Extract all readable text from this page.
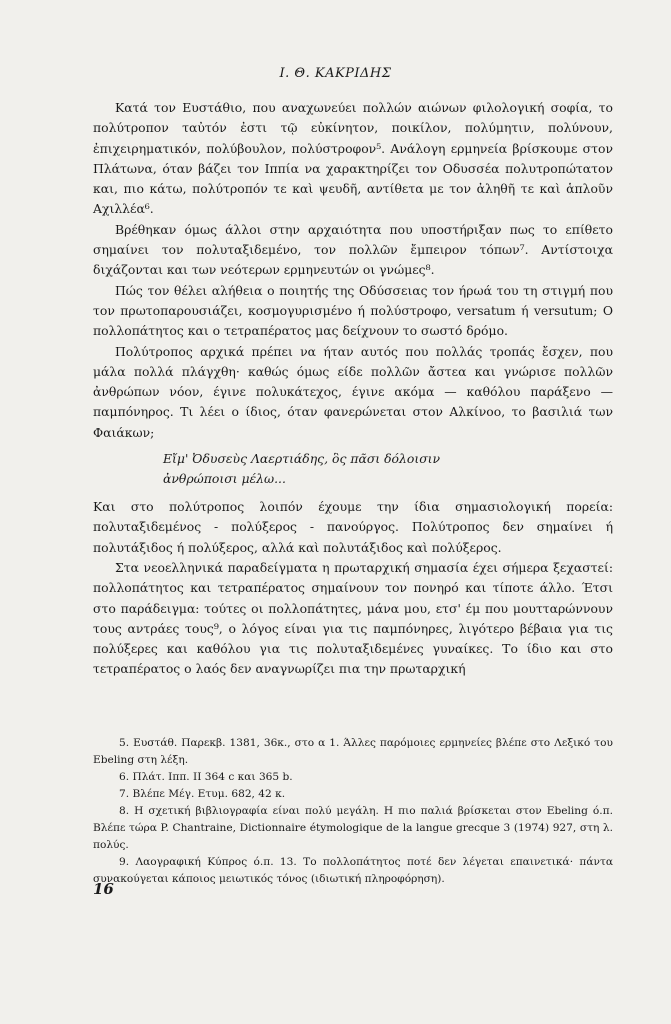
Ι. Θ. ΚΑΚΡΙΔΗΣ

Κατά τον Ευστάθιο, που αναχωνεύει πολλών αιώνων φιλολογική σοφία, το πολύτροπον ταὐτόν ἐστι τῷ εὐκίνητον, ποικίλον, πολύμητιν, πολύνουν, ἐπιχειρηματικόν, πολύβουλον, πολύστροφον⁵. Ανάλογη ερμηνεία βρίσκουμε στον Πλάτωνα, όταν βάζει τον Ιππία να χαρακτηρίζει τον Οδυσσέα πολυτροπώτατον και, πιο κάτω, πολύτροπόν τε καὶ ψευδῆ, αντίθετα με τον ἀληθῆ τε καὶ ἁπλοῦν Αχιλλέα⁶.

Βρέθηκαν όμως άλλοι στην αρχαιότητα που υποστήριξαν πως το επίθετο σημαίνει τον πολυταξιδεμένο, τον πολλῶν ἔμπειρον τόπων⁷. Αντίστοιχα διχάζονται και των νεότερων ερμηνευτών οι γνώμες⁸.

Πώς τον θέλει αλήθεια ο ποιητής της Οδύσσειας τον ήρωά του τη στιγμή που τον πρωτοπαρουσιάζει, κοσμογυρισμένο ή πολύστροφο, versatum ή versutum; Ο πολλοπάτητος και ο τετραπέρατος μας δείχνουν το σωστό δρόμο.

Πολύτροπος αρχικά πρέπει να ήταν αυτός που πολλάς τροπάς ἔσχεν, που μάλα πολλά πλάγχθη· καθώς όμως είδε πολλῶν ἄστεα και γνώρισε πολλῶν ἀνθρώπων νόον, έγινε πολυκάτεχος, έγινε ακόμα — καθόλου παράξενο — παμπόνηρος. Τι λέει ο ίδιος, όταν φανερώνεται στον Αλκίνοο, το βασιλιά των Φαιάκων;

Εἴμ' Ὀδυσεὺς Λαερτιάδης, ὃς πᾶσι δόλοισιν
ἀνθρώποισι μέλω...

Και στο πολύτροπος λοιπόν έχουμε την ίδια σημασιολογική πορεία: πολυταξιδεμένος - πολύξερος - πανούργος. Πολύτροπος δεν σημαίνει ή πολυτάξιδος ή πολύξερος, αλλά καὶ πολυτάξιδος καὶ πολύξερος.

Στα νεοελληνικά παραδείγματα η πρωταρχική σημασία έχει σήμερα ξεχαστεί: πολλοπάτητος και τετραπέρατος σημαίνουν τον πονηρό και τίποτε άλλο. Έτσι στο παράδειγμα: τούτες οι πολλοπάτητες, μάνα μου, ετσ' έμ που μουτταρώννουν τους αντράες τους⁹, ο λόγος είναι για τις παμπόνηρες, λιγότερο βέβαια για τις πολύξερες και καθόλου για τις πολυταξιδεμένες γυναίκες. Το ίδιο και στο τετραπέρατος ο λαός δεν αναγνωρίζει πια την πρωταρχική

5. Ευστάθ. Παρεκβ. 1381, 36κ., στο α 1. Άλλες παρόμοιες ερμηνείες βλέπε στο Λεξικό του Ebeling στη λέξη.

6. Πλάτ. Ιππ. ΙΙ 364 c και 365 b.

7. Βλέπε Μέγ. Ετυμ. 682, 42 κ.

8. Η σχετική βιβλιογραφία είναι πολύ μεγάλη. Η πιο παλιά βρίσκεται στον Ebeling ό.π. Βλέπε τώρα P. Chantraine, Dictionnaire étymologique de la langue grecque 3 (1974) 927, στη λ. πολύς.

9. Λαογραφική Κύπρος ό.π. 13. Το πολλοπάτητος ποτέ δεν λέγεται επαινετικά· πάντα συνακούγεται κάποιος μειωτικός τόνος (ιδιωτική πληροφόρηση).

16
